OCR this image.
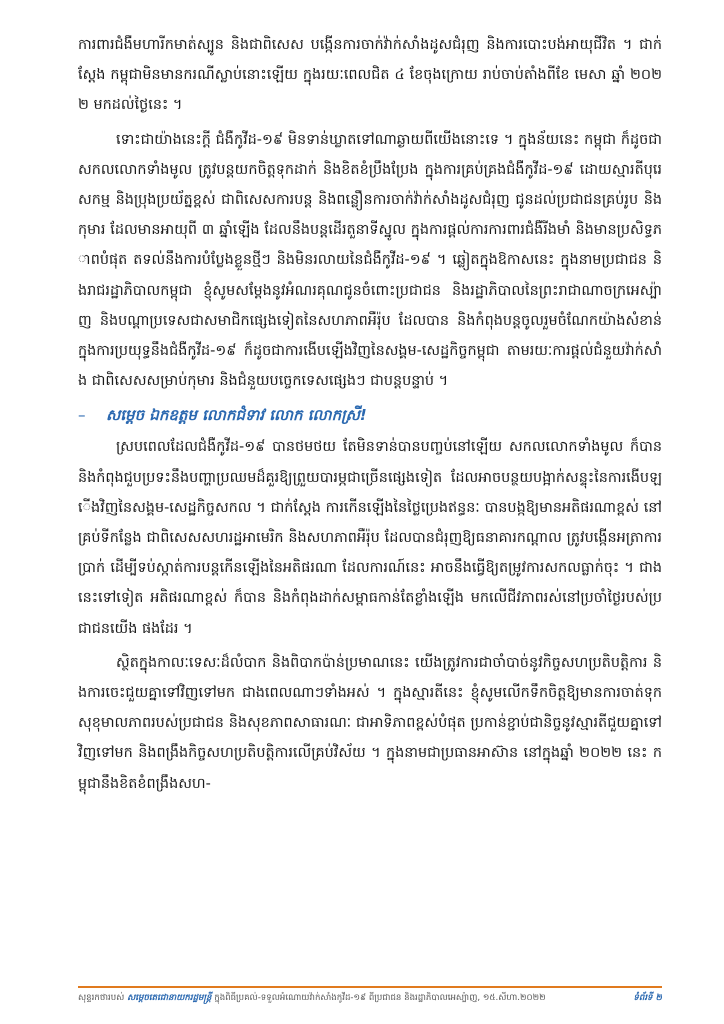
ការពារជំងឺមហារីកមាត់ស្បូន និងជាពិសេស បង្កើនការចាក់វ៉ាក់សាំងដូសជំរុញ និងការបោះបង់អាយុជីវិត ។ ជាក់ស្តែង កម្ពុជាមិនមានករណីស្លាប់នោះឡើយ ក្នុងរយៈពេលជិត ៤ ខែចុងក្រោយ រាប់ចាប់តាំងពីខែ មេសា ឆ្នាំ ២០២២ មកដល់ថ្ងៃនេះ ។

ទោះជាយ៉ាងនេះក្តី ជំងឺកូវីដ-១៩ មិនទាន់ឃ្លាតទៅណាឆ្ងាយពីយើងនោះទេ ។ ក្នុងន័យនេះ កម្ពុជា ក៏ដូចជាសកលលោកទាំងមូល ត្រូវបន្តយកចិត្តទុកដាក់ និងខិតខំប្រឹងប្រែង ក្នុងការគ្រប់គ្រងជំងឺកូវីដ-១៩ ដោយស្មារតីបុរេសកម្ម និងប្រុងប្រយ័ត្នខ្ពស់ ជាពិសេសការបន្ត និងពន្លឿនការចាក់វ៉ាក់សាំងដូសជំរុញ ជូនដល់ប្រជាជនគ្រប់រូប និងកុមារ ដែលមានអាយុពី ៣ ឆ្នាំឡើង ដែលនឹងបន្តដើរតួនាទីស្នូល ក្នុងការផ្តល់ការការពារជំងឺរីងមាំ និងមានប្រសិទ្ធភាពបំផុត តទល់នឹងការបំប្លែងខ្លួនថ្មីៗ និងមិនរលាយនៃជំងឺកូវីដ-១៩ ។ ឆ្លៀតក្នុងឱកាសនេះ ក្នុងនាមប្រជាជន និងរាជរដ្ឋាភិបាលកម្ពុជា ខ្ញុំសូមសម្តែងនូវអំណរគុណជូនចំពោះប្រជាជន និងរដ្ឋាភិបាលនៃព្រះរាជាណាចក្រអេស្ប៉ាញ និងបណ្តាប្រទេសជាសមាជិកផ្សេងទៀតនៃសហភាពអឺរ៉ុប ដែលបាន និងកំពុងបន្តចូលរួមចំណែកយ៉ាងសំខាន់ ក្នុងការប្រយុទ្ធនឹងជំងឺកូវីដ-១៩ ក៏ដូចជាការងើបឡើងវិញនៃសង្គម-សេដ្ឋកិច្ចកម្ពុជា តាមរយៈការផ្តល់ជំនួយវ៉ាក់សាំង ជាពិសេសសម្រាប់កុមារ និងជំនួយបច្ចេកទេសផ្សេងៗ ជាបន្តបន្ទាប់ ។

– សម្តេច ឯកឧត្តម លោកជំទាវ លោក លោកស្រី!

ស្របពេលដែលជំងឺកូវីដ-១៩ បានថមថយ តែមិនទាន់បានបញ្ចប់នៅឡើយ សកលលោកទាំងមូល ក៏បាន និងកំពុងជួបប្រទះនឹងបញ្ហាប្រឈមដ៏គួរឱ្យព្រួយបារម្ភជាច្រើនផ្សេងទៀត ដែលអាចបន្ថយបង្អាក់សន្ទុះនៃការងើបឡើងវិញនៃសង្គម-សេដ្ឋកិច្ចសកល ។ ជាក់ស្តែង ការកើនឡើងនៃថ្លៃប្រេងឥន្ធនៈ បានបង្កឱ្យមានអតិផរណាខ្ពស់ នៅគ្រប់ទីកន្លែង ជាពិសេសសហរដ្ឋអាមេរិក និងសហភាពអឺរ៉ុប ដែលបានជំរុញឱ្យធនាគារកណ្តាល ត្រូវបង្កើនអត្រាការប្រាក់ ដើម្បីទប់ស្កាត់ការបន្តកើនឡើងនៃអតិផរណា ដែលការណ៍នេះ អាចនឹងធ្វើឱ្យតម្រូវការសកលធ្លាក់ចុះ ។ ជាងនេះទៅទៀត អតិផរណាខ្ពស់ ក៏បាន និងកំពុងដាក់សម្ពាធកាន់តែខ្លាំងឡើង មកលើជីវភាពរស់នៅប្រចាំថ្ងៃរបស់ប្រជាជនយើង ផងដែរ ។

ស្ថិតក្នុងកាលៈទេសៈដ៏លំបាក និងពិបាកប៉ាន់ប្រមាណនេះ យើងត្រូវការជាចាំបាច់នូវកិច្ចសហប្រតិបត្តិការ និងការចេះជួយគ្នាទៅវិញទៅមក ជាងពេលណាៗទាំងអស់ ។ ក្នុងស្មារតីនេះ ខ្ញុំសូមលើកទឹកចិត្តឱ្យមានការចាត់ទុកសុខុមាលភាពរបស់ប្រជាជន និងសុខភាពសាធារណៈ ជាអាទិភាពខ្ពស់បំផុត ប្រកាន់ខ្ជាប់ជានិច្ចនូវស្មារតីជួយគ្នាទៅវិញទៅមក និងពង្រឹងកិច្ចសហប្រតិបត្តិការលើគ្រប់វិស័យ ។ ក្នុងនាមជាប្រធានអាស៊ាន នៅក្នុងឆ្នាំ ២០២២ នេះ កម្ពុជានឹងខិតខំពង្រឹងសហ-

សុន្ទរកថារបស់ សម្តេចតេជោនាយករដ្ឋមន្ត្រី ក្នុងពិធីប្រគល់-ទទួលអំណោយវ៉ាក់សាំងកូវីដ-១៩ ពីប្រជាជន និងរដ្ឋាភិបាលអេស្ប៉ាញ, ១៥.សីហា.២០២២	ទំព័រទី ២
